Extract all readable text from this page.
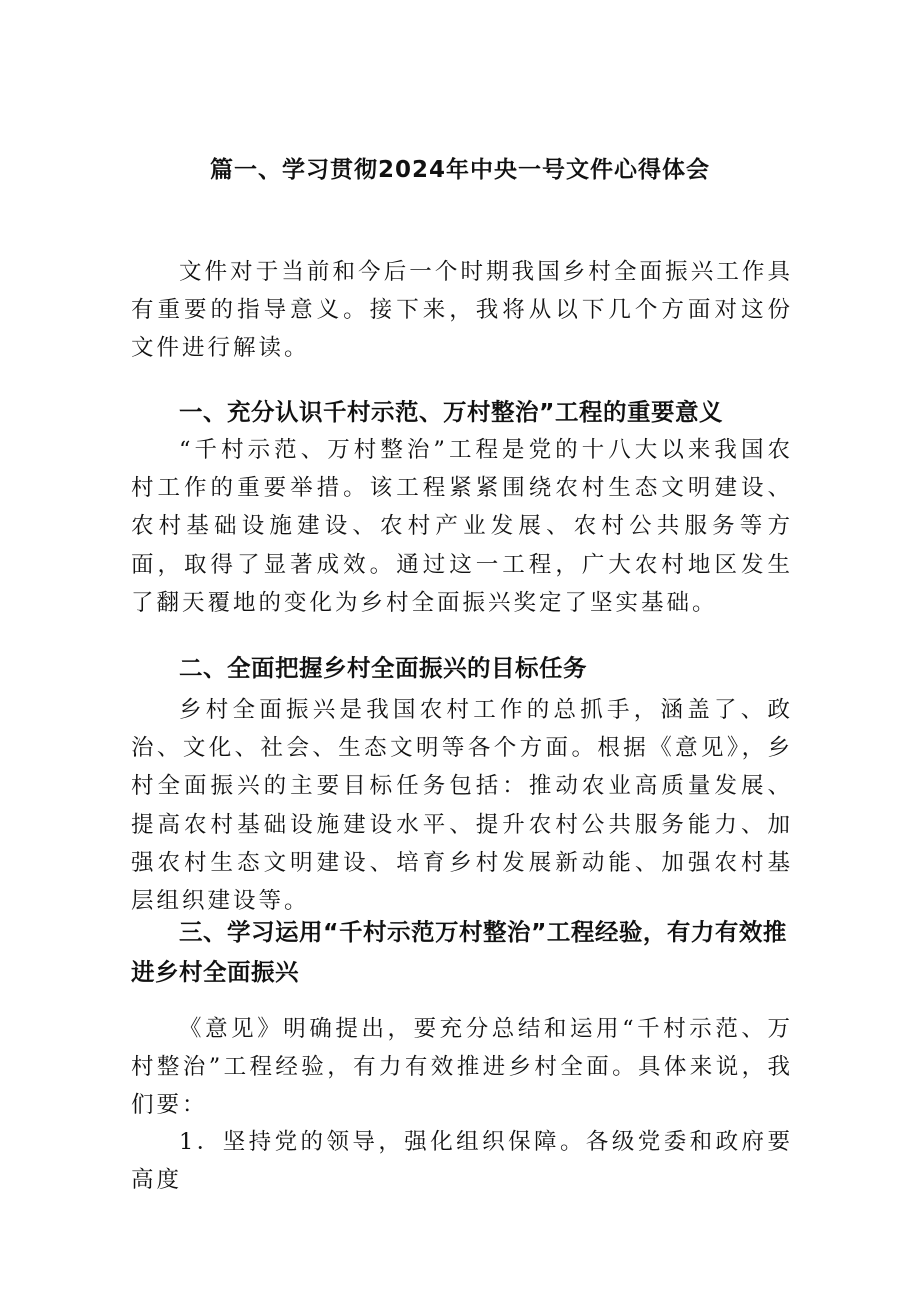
篇一、学习贯彻2024年中央一号文件心得体会

文件对于当前和今后一个时期我国乡村全面振兴工作具有重要的指导意义。接下来，我将从以下几个方面对这份文件进行解读。

一、充分认识千村示范、万村整治”工程的重要意义

“千村示范、万村整治”工程是党的十八大以来我国农村工作的重要举措。该工程紧紧围绕农村生态文明建设、农村基础设施建设、农村产业发展、农村公共服务等方面，取得了显著成效。通过这一工程，广大农村地区发生了翻天覆地的变化为乡村全面振兴奖定了坚实基础。

二、全面把握乡村全面振兴的目标任务

乡村全面振兴是我国农村工作的总抓手，涵盖了、政治、文化、社会、生态文明等各个方面。根据《意见》，乡村全面振兴的主要目标任务包括：推动农业高质量发展、提高农村基础设施建设水平、提升农村公共服务能力、加强农村生态文明建设、培育乡村发展新动能、加强农村基层组织建设等。

三、学习运用“千村示范万村整治”工程经验，有力有效推进乡村全面振兴

《意见》明确提出，要充分总结和运用“千村示范、万村整治”工程经验，有力有效推进乡村全面。具体来说，我们要：

1．坚持党的领导，强化组织保障。各级党委和政府要高度
